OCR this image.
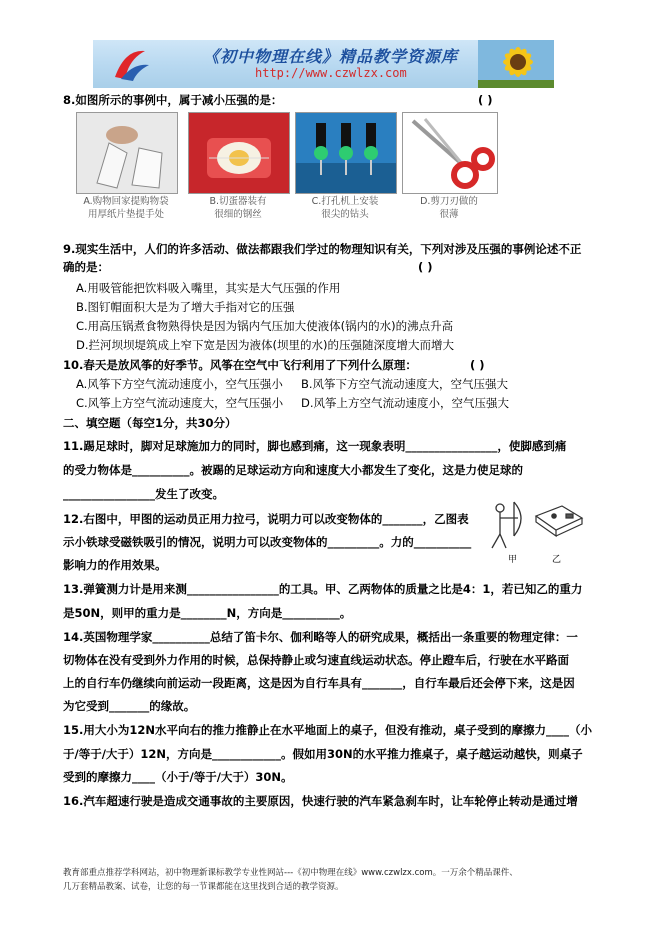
《初中物理在线》精品教学资源库
http://www.czwlzx.com
8.如图所示的事例中，属于减小压强的是：	( )
A.购物回家提购物袋
用厚纸片垫提手处
B.切蛋器装有
很细的钢丝
C.打孔机上安装
很尖的钻头
D.剪刀刃做的
很薄
9.现实生活中，人们的许多活动、做法都跟我们学过的物理知识有关，下列对涉及压强的事例论述不正
确的是：	( )
A.用吸管能把饮料吸入嘴里，其实是大气压强的作用
B.图钉帽面积大是为了增大手指对它的压强
C.用高压锅煮食物熟得快是因为锅内气压加大使液体(锅内的水)的沸点升高
D.拦河坝坝堤筑成上窄下宽是因为液体(坝里的水)的压强随深度增大而增大
10.春天是放风筝的好季节。风筝在空气中飞行利用了下列什么原理：	( )
A.风筝下方空气流动速度小，空气压强小 B.风筝下方空气流动速度大，空气压强大
C.风筝上方空气流动速度大，空气压强小 D.风筝上方空气流动速度小，空气压强大
二、填空题（每空1分，共30分）
11.踢足球时，脚对足球施加力的同时，脚也感到痛，这一现象表明________________，使脚感到痛
的受力物体是__________。被踢的足球运动方向和速度大小都发生了变化，这是力使足球的
________________发生了改变。
12.右图中，甲图的运动员正用力拉弓，说明力可以改变物体的_______，乙图表
示小铁球受磁铁吸引的情况，说明力可以改变物体的_________。力的__________
影响力的作用效果。	甲	乙
13.弹簧测力计是用来测________________的工具。甲、乙两物体的质量之比是4：1，若已知乙的重力
是50N，则甲的重力是________N，方向是__________。
14.英国物理学家__________总结了笛卡尔、伽利略等人的研究成果，概括出一条重要的物理定律：一
切物体在没有受到外力作用的时候，总保持静止或匀速直线运动状态。停止蹬车后，行驶在水平路面
上的自行车仍继续向前运动一段距离，这是因为自行车具有_______，自行车最后还会停下来，这是因
为它受到_______的缘故。
15.用大小为12N水平向右的推力推静止在水平地面上的桌子，但没有推动，桌子受到的摩擦力____（小
于/等于/大于）12N，方向是____________。假如用30N的水平推力推桌子，桌子越运动越快，则桌子
受到的摩擦力____（小于/等于/大于）30N。
16.汽车超速行驶是造成交通事故的主要原因，快速行驶的汽车紧急刹车时，让车轮停止转动是通过增
教育部重点推荐学科网站，初中物理新课标教学专业性网站---《初中物理在线》www.czwlzx.com。一万余个精品课件、
几万套精品教案、试卷，让您的每一节课都能在这里找到合适的教学资源。
